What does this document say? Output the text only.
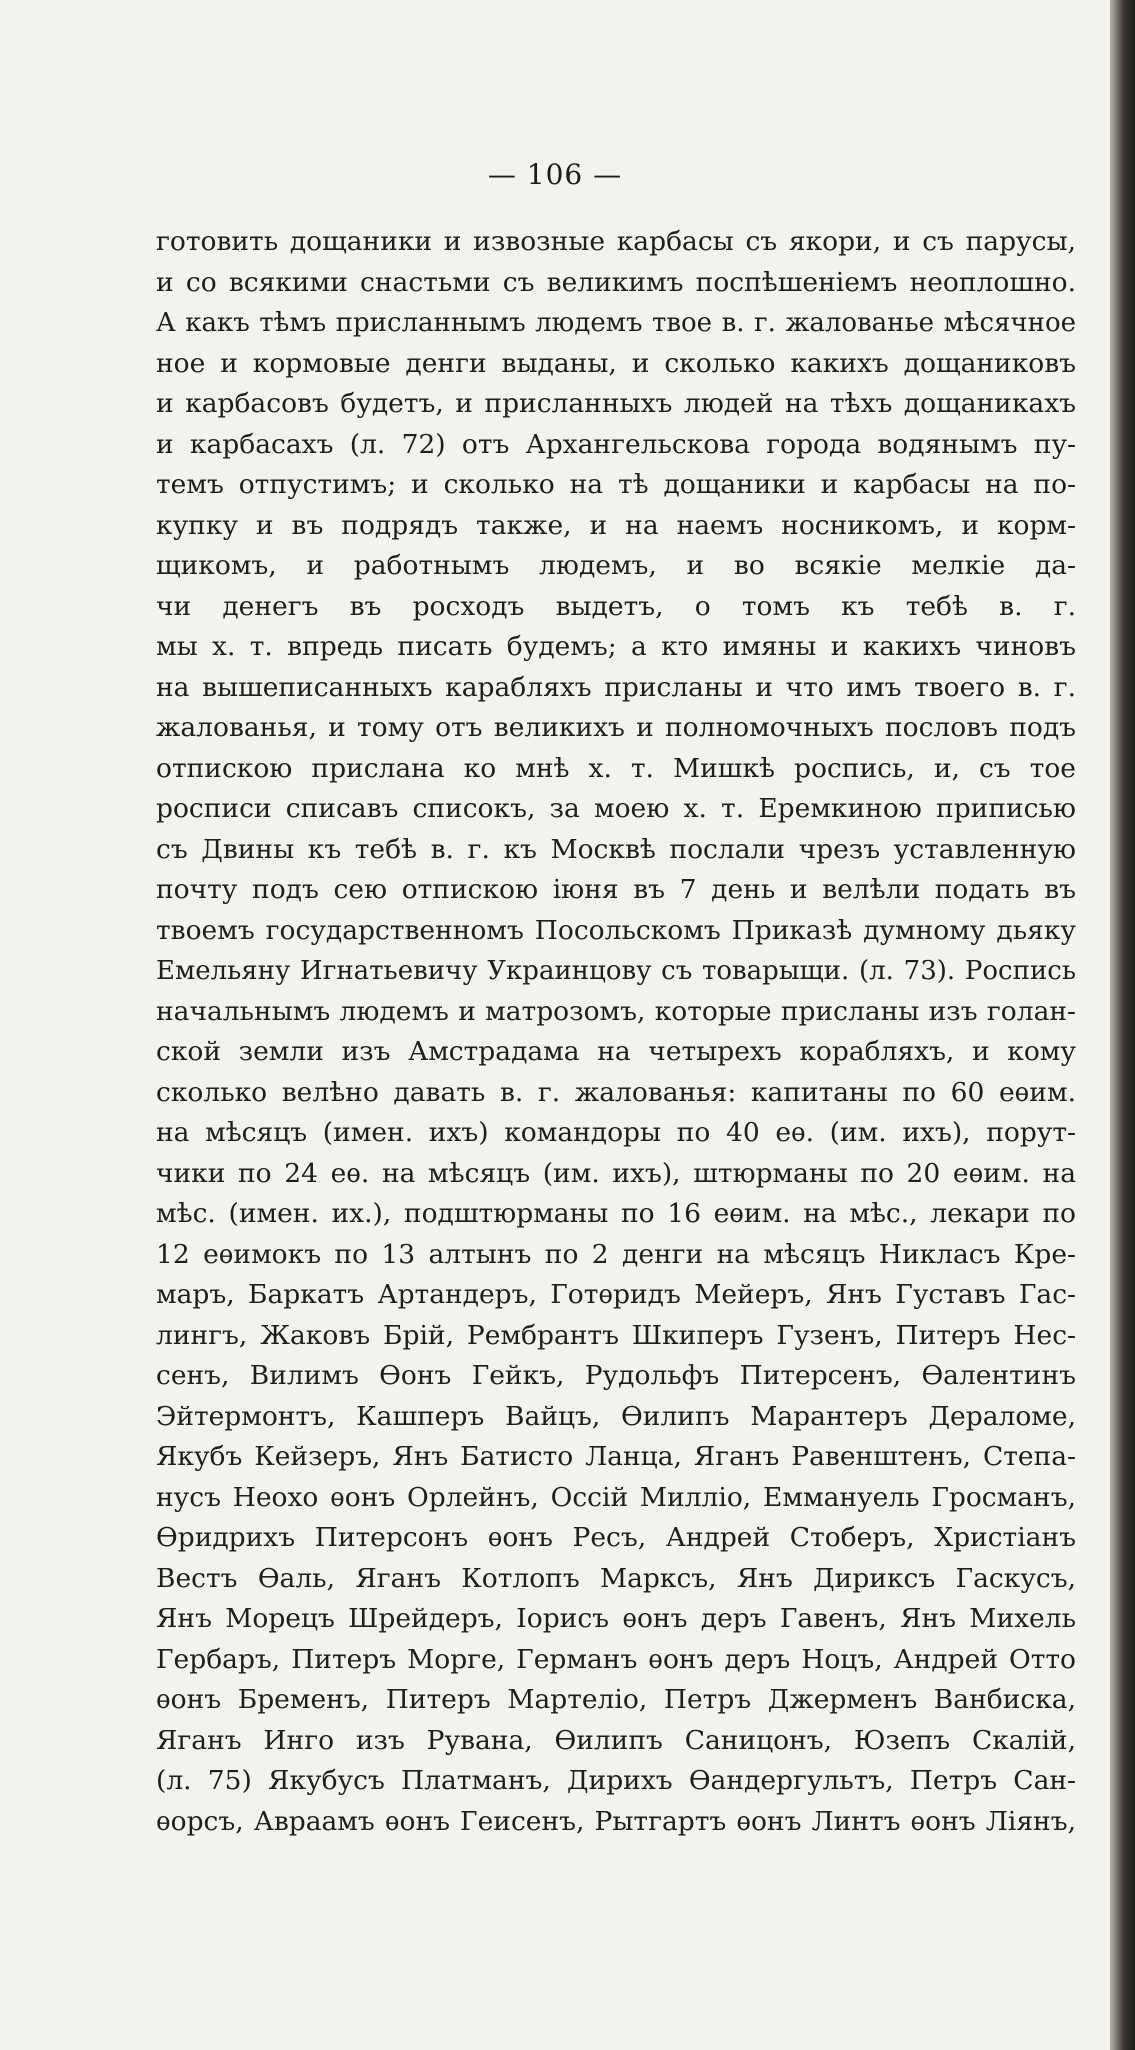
— 106 —
готовить дощаники и извозные карбасы съ якори, и съ парусы,
и со всякими снастьми съ великимъ поспѣшенiемъ неоплошно.
А какъ тѣмъ присланнымъ людемъ твое в. г. жалованье мѣсячное
ное и кормовые денги выданы, и сколько какихъ дощаниковъ
и карбасовъ будетъ, и присланныхъ людей на тѣхъ дощаникахъ
и карбасахъ (л. 72) отъ Архангельскова города водянымъ пу-
темъ отпустимъ; и сколько на тѣ дощаники и карбасы на по-
купку и въ подрядъ также, и на наемъ носникомъ, и корм-
щикомъ, и работнымъ людемъ, и во всякiе мелкiе да-
чи денегъ въ росходъ выдетъ, о томъ къ тебѣ в. г.
мы х. т. впредь писать будемъ; а кто имяны и какихъ чиновъ
на вышеписанныхъ карабляхъ присланы и что имъ твоего в. г.
жалованья, и тому отъ великихъ и полномочныхъ пословъ подъ
отпискою прислана ко мнѣ х. т. Мишкѣ роспись, и, съ тое
росписи списавъ списокъ, за моею х. т. Еремкиною приписью
съ Двины къ тебѣ в. г. къ Москвѣ послали чрезъ уставленную
почту подъ сею отпискою iюня въ 7 день и велѣли подать въ
твоемъ государственномъ Посольскомъ Приказѣ думному дьяку
Емельяну Игнатьевичу Украинцову съ товарыщи. (л. 73). Роспись
начальнымъ людемъ и матрозомъ, которые присланы изъ голан-
ской земли изъ Амстрадама на четырехъ корабляхъ, и кому
сколько велѣно давать в. г. жалованья: капитаны по 60 еѳим.
на мѣсяцъ (имен. ихъ) командоры по 40 еѳ. (им. ихъ), порут-
чики по 24 еѳ. на мѣсяцъ (им. ихъ), штюрманы по 20 еѳим. на
мѣс. (имен. их.), подштюрманы по 16 еѳим. на мѣс., лекари по
12 еѳимокъ по 13 алтынъ по 2 денги на мѣсяцъ Никласъ Кре-
маръ, Баркатъ Артандеръ, Готѳридъ Мейеръ, Янъ Густавъ Гас-
лингъ, Жаковъ Брiй, Рембрантъ Шкиперъ Гузенъ, Питеръ Нес-
сенъ, Вилимъ Ѳонъ Гейкъ, Рудольфъ Питерсенъ, Ѳалентинъ
Эйтермонтъ, Кашперъ Вайцъ, Ѳилипъ Марантеръ Дераломе,
Якубъ Кейзеръ, Янъ Батисто Ланца, Яганъ Равенштенъ, Степа-
нусъ Неохо ѳонъ Орлейнъ, Оссiй Миллiо, Еммануель Гросманъ,
Ѳридрихъ Питерсонъ ѳонъ Ресъ, Андрей Стоберъ, Христiанъ
Вестъ Ѳаль, Яганъ Котлопъ Марксъ, Янъ Дириксъ Гаскусъ,
Янъ Морецъ Шрейдеръ, Iорисъ ѳонъ деръ Гавенъ, Янъ Михель
Гербаръ, Питеръ Морге, Германъ ѳонъ деръ Ноцъ, Андрей Отто
ѳонъ Бременъ, Питеръ Мартелiо, Петръ Джерменъ Ванбиска,
Яганъ Инго изъ Рувана, Ѳилипъ Саницонъ, Юзепъ Скалiй,
(л. 75) Якубусъ Платманъ, Дирихъ Ѳандергультъ, Петръ Сан-
ѳорсъ, Авраамъ ѳонъ Геисенъ, Рытгартъ ѳонъ Линтъ ѳонъ Лiянъ,
